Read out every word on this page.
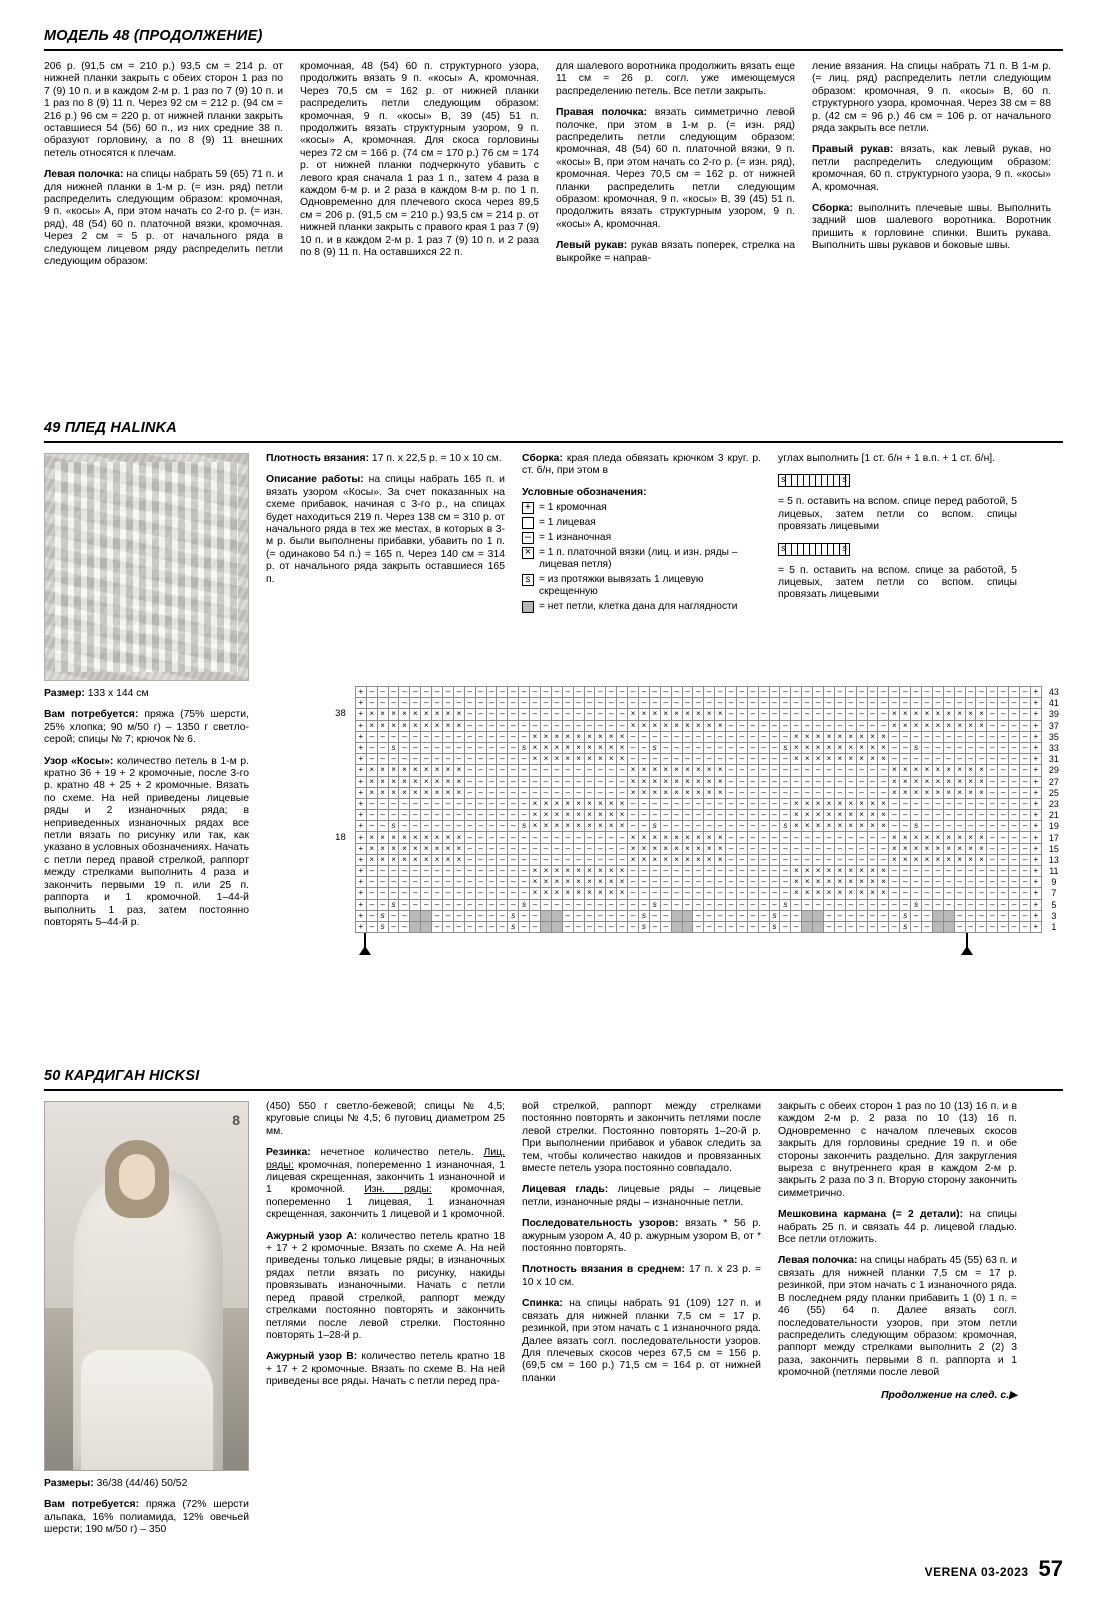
МОДЕЛЬ 48 (ПРОДОЛЖЕНИЕ)

206 р. (91,5 см = 210 р.) 93,5 см = 214 р. от нижней планки закрыть с обеих сторон 1 раз по 7 (9) 10 п. и в каждом 2-м р. 1 раз по 7 (9) 10 п. и 1 раз по 8 (9) 11 п. Через 92 см = 212 р. (94 см = 216 р.) 96 см = 220 р. от нижней планки закрыть оставшиеся 54 (56) 60 п., из них средние 38 п. образуют горловину, а по 8 (9) 11 внешних петель относятся к плечам.

Левая полочка: на спицы набрать 59 (65) 71 п. и для нижней планки в 1-м р. (= изн. ряд) петли распределить следующим образом: кромочная, 9 п. «косы» А, при этом начать со 2-го р. (= изн. ряд), 48 (54) 60 п. платочной вязки, кромочная. Через 2 см = 5 р. от начального ряда в следующем лицевом ряду распределить петли следующим образом:

кромочная, 48 (54) 60 п. структурного узора, продолжить вязать 9 п. «косы» А, кромочная. Через 70,5 см = 162 р. от нижней планки распределить петли следующим образом: кромочная, 9 п. «косы» В, 39 (45) 51 п. продолжить вязать структурным узором, 9 п. «косы» А, кромочная. Для скоса горловины через 72 см = 166 р. (74 см = 170 р.) 76 см = 174 р. от нижней планки подчеркнуто убавить с левого края сначала 1 раз 1 п., затем 4 раза в каждом 6-м р. и 2 раза в каждом 8-м р. по 1 п. Одновременно для плечевого скоса через 89,5 см = 206 р. (91,5 см = 210 р.) 93,5 см = 214 р. от нижней планки закрыть с правого края 1 раз 7 (9) 10 п. и в каждом 2-м р. 1 раз 7 (9) 10 п. и 2 раза по 8 (9) 11 п. На оставшихся 22 п.

для шалевого воротника продолжить вязать еще 11 см = 26 р. согл. уже имеющемуся распределению петель. Все петли закрыть.

Правая полочка: вязать симметрично левой полочке, при этом в 1-м р. (= изн. ряд) распределить петли следующим образом: кромочная, 48 (54) 60 п. платочной вязки, 9 п. «косы» В, при этом начать со 2-го р. (= изн. ряд), кромочная. Через 70,5 см = 162 р. от нижней планки распределить петли следующим образом: кромочная, 9 п. «косы» В, 39 (45) 51 п. продолжить вязать структурным узором, 9 п. «косы» А, кромочная.

Левый рукав: рукав вязать поперек, стрелка на выкройке = направ-

ление вязания. На спицы набрать 71 п. В 1-м р. (= лиц. ряд) распределить петли следующим образом: кромочная, 9 п. «косы» В, 60 п. структурного узора, кромочная. Через 38 см = 88 р. (42 см = 96 р.) 46 см = 106 р. от начального ряда закрыть все петли.

Правый рукав: вязать, как левый рукав, но петли распределить следующим образом: кромочная, 60 п. структурного узора, 9 п. «косы» А, кромочная.

Сборка: выполнить плечевые швы. Выполнить задний шов шалевого воротника. Воротник пришить к горловине спинки. Вшить рукава. Выполнить швы рукавов и боковые швы.

49 ПЛЕД HALINKA

Размер: 133 x 144 см

Вам потребуется: пряжа (75% шерсти, 25% хлопка; 90 м/50 г) – 1350 г светло-серой; спицы № 7; крючок № 6.

Узор «Косы»: количество петель в 1-м р. кратно 36 + 19 + 2 кромочные, после 3-го р. кратно 48 + 25 + 2 кромочные. Вязать по схеме. На ней приведены лицевые ряды и 2 изнаночных ряда; в неприведенных изнаночных рядах все петли вязать по рисунку или так, как указано в условных обозначениях. Начать с петли перед правой стрелкой, раппорт между стрелками выполнить 4 раза и закончить первыми 19 п. или 25 п. раппорта и 1 кромочной. 1–44-й выполнить 1 раз, затем постоянно повторять 5–44-й р.

Плотность вязания: 17 п. х 22,5 р. = 10 x 10 см.

Описание работы: на спицы набрать 165 п. и вязать узором «Косы». За счет показанных на схеме прибавок, начиная с 3-го р., на спицах будет находиться 219 п. Через 138 см = 310 р. от начального ряда в тех же местах, в которых в 3-м р. были выполнены прибавки, убавить по 1 п. (= одинаково 54 п.) = 165 п. Через 140 см = 314 р. от начального ряда закрыть оставшиеся 165 п.

Сборка: края пледа обвязать крючком 3 круг. р. ст. б/н, при этом в

Условные обозначения:

+
= 1 кромочная
= 1 лицевая
–
= 1 изнаночная
×
= 1 п. платочной вязки (лиц. и изн. ряды – лицевая петля)
s
= из протяжки вывязать 1 лицевую скрещенную
= нет петли, клетка дана для наглядности

углах выполнить [1 ст. б/н + 1 в.п. + 1 ст. б/н].

s	s

= 5 п. оставить на вспом. спице перед работой, 5 лицевых, затем петли со вспом. спицы провязать лицевыми

s	s

= 5 п. оставить на вспом. спице за работой, 5 лицевых, затем петли со вспом. спицы провязать лицевыми

	+	–	–	–	–	–	–	–	–	–	–	–	–	–	–	–	–	–	–	–	–	–	–	–	–	–	–	–	–	–	–	–	–	–	–	–	–	–	–	–	–	–	–	–	–	–	–	–	–	–	–	–	–	–	–	–	–	–	–	–	–	–	+	43
	+	–	–	–	–	–	–	–	–	–	–	–	–	–	–	–	–	–	–	–	–	–	–	–	–	–	–	–	–	–	–	–	–	–	–	–	–	–	–	–	–	–	–	–	–	–	–	–	–	–	–	–	–	–	–	–	–	–	–	–	–	–	+	41
38	+	×	×	×	×	×	×	×	×	×	–	–	–	–	–	–	–	–	–	–	–	–	–	–	–	×	×	×	×	×	×	×	×	×	–	–	–	–	–	–	–	–	–	–	–	–	–	–	–	×	×	×	×	×	×	×	×	×	–	–	–	–	+	39
	+	×	×	×	×	×	×	×	×	×	–	–	–	–	–	–	–	–	–	–	–	–	–	–	–	×	×	×	×	×	×	×	×	×	–	–	–	–	–	–	–	–	–	–	–	–	–	–	–	×	×	×	×	×	×	×	×	×	–	–	–	–	+	37
	+	–	–	–	–	–	–	–	–	–	–	–	–	–	–	–	×	×	×	×	×	×	×	×	×	–	–	–	–	–	–	–	–	–	–	–	–	–	–	–	×	×	×	×	×	×	×	×	×	–	–	–	–	–	–	–	–	–	–	–	–	–	+	35
	+	–	–	s	–	–	–	–	–	–	–	–	–	–	–	s	×	×	×	×	×	×	×	×	×	–	–	s	–	–	–	–	–	–	–	–	–	–	–	s	×	×	×	×	×	×	×	×	×	–	–	s	–	–	–	–	–	–	–	–	–	–	+	33
	+	–	–	–	–	–	–	–	–	–	–	–	–	–	–	–	×	×	×	×	×	×	×	×	×	–	–	–	–	–	–	–	–	–	–	–	–	–	–	–	×	×	×	×	×	×	×	×	×	–	–	–	–	–	–	–	–	–	–	–	–	–	+	31
	+	×	×	×	×	×	×	×	×	×	–	–	–	–	–	–	–	–	–	–	–	–	–	–	–	×	×	×	×	×	×	×	×	×	–	–	–	–	–	–	–	–	–	–	–	–	–	–	–	×	×	×	×	×	×	×	×	×	–	–	–	–	+	29
	+	×	×	×	×	×	×	×	×	×	–	–	–	–	–	–	–	–	–	–	–	–	–	–	–	×	×	×	×	×	×	×	×	×	–	–	–	–	–	–	–	–	–	–	–	–	–	–	–	×	×	×	×	×	×	×	×	×	–	–	–	–	+	27
	+	×	×	×	×	×	×	×	×	×	–	–	–	–	–	–	–	–	–	–	–	–	–	–	–	×	×	×	×	×	×	×	×	×	–	–	–	–	–	–	–	–	–	–	–	–	–	–	–	×	×	×	×	×	×	×	×	×	–	–	–	–	+	25
	+	–	–	–	–	–	–	–	–	–	–	–	–	–	–	–	×	×	×	×	×	×	×	×	×	–	–	–	–	–	–	–	–	–	–	–	–	–	–	–	×	×	×	×	×	×	×	×	×	–	–	–	–	–	–	–	–	–	–	–	–	–	+	23
	+	–	–	–	–	–	–	–	–	–	–	–	–	–	–	–	×	×	×	×	×	×	×	×	×	–	–	–	–	–	–	–	–	–	–	–	–	–	–	–	×	×	×	×	×	×	×	×	×	–	–	–	–	–	–	–	–	–	–	–	–	–	+	21
	+	–	–	s	–	–	–	–	–	–	–	–	–	–	–	s	×	×	×	×	×	×	×	×	×	–	–	s	–	–	–	–	–	–	–	–	–	–	–	s	×	×	×	×	×	×	×	×	×	–	–	s	–	–	–	–	–	–	–	–	–	–	+	19
18	+	×	×	×	×	×	×	×	×	×	–	–	–	–	–	–	–	–	–	–	–	–	–	–	–	×	×	×	×	×	×	×	×	×	–	–	–	–	–	–	–	–	–	–	–	–	–	–	–	×	×	×	×	×	×	×	×	×	–	–	–	–	+	17
	+	×	×	×	×	×	×	×	×	×	–	–	–	–	–	–	–	–	–	–	–	–	–	–	–	×	×	×	×	×	×	×	×	×	–	–	–	–	–	–	–	–	–	–	–	–	–	–	–	×	×	×	×	×	×	×	×	×	–	–	–	–	+	15
	+	×	×	×	×	×	×	×	×	×	–	–	–	–	–	–	–	–	–	–	–	–	–	–	–	×	×	×	×	×	×	×	×	×	–	–	–	–	–	–	–	–	–	–	–	–	–	–	–	×	×	×	×	×	×	×	×	×	–	–	–	–	+	13
	+	–	–	–	–	–	–	–	–	–	–	–	–	–	–	–	×	×	×	×	×	×	×	×	×	–	–	–	–	–	–	–	–	–	–	–	–	–	–	–	×	×	×	×	×	×	×	×	×	–	–	–	–	–	–	–	–	–	–	–	–	–	+	11
	+	–	–	–	–	–	–	–	–	–	–	–	–	–	–	–	×	×	×	×	×	×	×	×	×	–	–	–	–	–	–	–	–	–	–	–	–	–	–	–	×	×	×	×	×	×	×	×	×	–	–	–	–	–	–	–	–	–	–	–	–	–	+	9
	+	–	–	–	–	–	–	–	–	–	–	–	–	–	–	–	×	×	×	×	×	×	×	×	×	–	–	–	–	–	–	–	–	–	–	–	–	–	–	–	×	×	×	×	×	×	×	×	×	–	–	–	–	–	–	–	–	–	–	–	–	–	+	7
	+	–	–	s	–	–	–	–	–	–	–	–	–	–	–	s	–	–	–	–	–	–	–	–	–	–	–	s	–	–	–	–	–	–	–	–	–	–	–	s	–	–	–	–	–	–	–	–	–	–	–	s	–	–	–	–	–	–	–	–	–	–	+	5
	+	–	s	–	–			–	–	–	–	–	–	–	s	–	–			–	–	–	–	–	–	–	s	–	–			–	–	–	–	–	–	–	s	–	–			–	–	–	–	–	–	–	s	–	–			–	–	–	–	–	–	–	+	3
	+	–	s	–	–			–	–	–	–	–	–	–	s	–	–			–	–	–	–	–	–	–	s	–	–			–	–	–	–	–	–	–	s	–	–			–	–	–	–	–	–	–	s	–	–			–	–	–	–	–	–	–	+	1
50 КАРДИГАН HICKSI
8

Размеры: 36/38 (44/46) 50/52

Вам потребуется: пряжа (72% шерсти альпака, 16% полиамида, 12% овечьей шерсти; 190 м/50 г) – 350

(450) 550 г светло-бежевой; спицы № 4,5; круговые спицы № 4,5; 6 пуговиц диаметром 25 мм.

Резинка: нечетное количество петель. Лиц. ряды: кромочная, попеременно 1 изнаночная, 1 лицевая скрещенная, закончить 1 изнаночной и 1 кромочной. Изн. ряды: кромочная, попеременно 1 лицевая, 1 изнаночная скрещенная, закончить 1 лицевой и 1 кромочной.

Ажурный узор А: количество петель кратно 18 + 17 + 2 кромочные. Вязать по схеме А. На ней приведены только лицевые ряды; в изнаночных рядах петли вязать по рисунку, накиды провязывать изнаночными. Начать с петли перед правой стрелкой, раппорт между стрелками постоянно повторять и закончить петлями после левой стрелки. Постоянно повторять 1–28-й р.

Ажурный узор В: количество петель кратно 18 + 17 + 2 кромочные. Вязать по схеме В. На ней приведены все ряды. Начать с петли перед пра-

вой стрелкой, раппорт между стрелками постоянно повторять и закончить петлями после левой стрелки. Постоянно повторять 1–20-й р. При выполнении прибавок и убавок следить за тем, чтобы количество накидов и провязанных вместе петель узора постоянно совпадало.

Лицевая гладь: лицевые ряды – лицевые петли, изнаночные ряды – изнаночные петли.

Последовательность узоров: вязать * 56 р. ажурным узором А, 40 р. ажурным узором В, от * постоянно повторять.

Плотность вязания в среднем: 17 п. х 23 р. = 10 x 10 см.

Спинка: на спицы набрать 91 (109) 127 п. и связать для нижней планки 7,5 см = 17 р. резинкой, при этом начать с 1 изнаночного ряда. Далее вязать согл. последовательности узоров. Для плечевых скосов через 67,5 см = 156 р. (69,5 см = 160 р.) 71,5 см = 164 р. от нижней планки

закрыть с обеих сторон 1 раз по 10 (13) 16 п. и в каждом 2-м р. 2 раза по 10 (13) 16 п. Одновременно с началом плечевых скосов закрыть для горловины средние 19 п. и обе стороны закончить раздельно. Для закругления выреза с внутреннего края в каждом 2-м р. закрыть 2 раза по 3 п. Вторую сторону закончить симметрично.

Мешковина кармана (= 2 детали): на спицы набрать 25 п. и связать 44 р. лицевой гладью. Все петли отложить.

Левая полочка: на спицы набрать 45 (55) 63 п. и связать для нижней планки 7,5 см = 17 р. резинкой, при этом начать с 1 изнаночного ряда. В последнем ряду планки прибавить 1 (0) 1 п. = 46 (55) 64 п. Далее вязать согл. последовательности узоров, при этом петли распределить следующим образом: кромочная, раппорт между стрелками выполнить 2 (2) 3 раза, закончить первыми 8 п. раппорта и 1 кромочной (петлями после левой

Продолжение на след. с.▶

VERENA 03-2023 57
